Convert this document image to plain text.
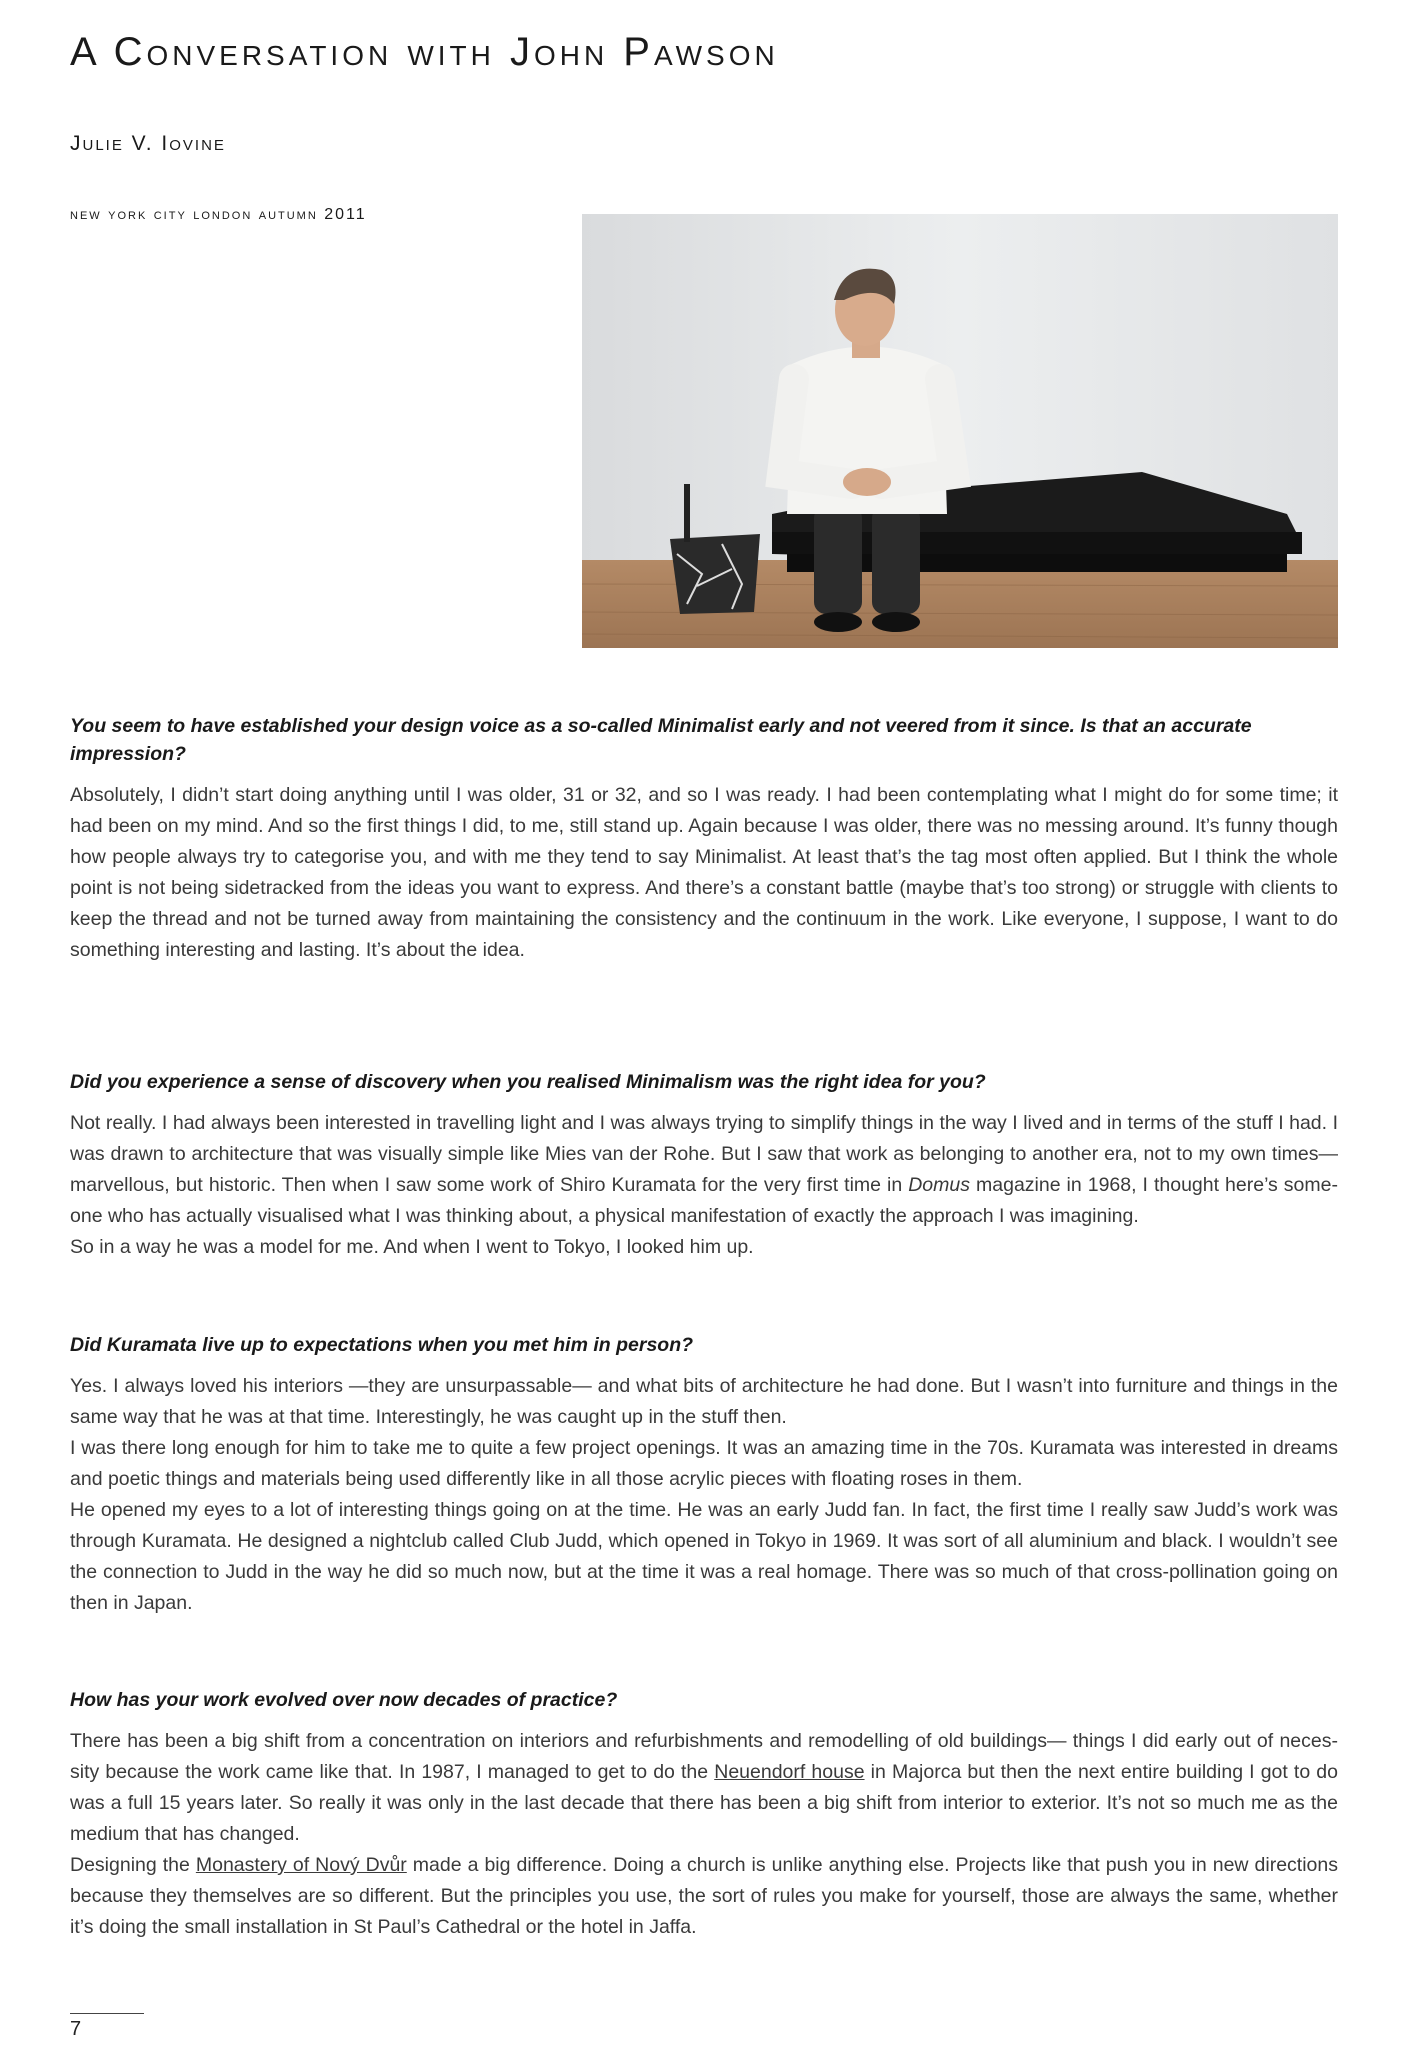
A Conversation with John Pawson
Julie V. Iovine
new york city london autumn 2011

You seem to have established your design voice as a so-called Minimalist early and not veered from it since. Is that an accurate impression?

Absolutely, I didn’t start doing anything until I was older, 31 or 32, and so I was ready. I had been contemplating what I might do for some time; it had been on my mind. And so the first things I did, to me, still stand up. Again because I was older, there was no messing around. It’s funny though how people always try to categorise you, and with me they tend to say Minimalist. At least that’s the tag most often applied. But I think the whole point is not being sidetracked from the ideas you want to express. And there’s a constant battle (maybe that’s too strong) or struggle with clients to keep the thread and not be turned away from maintaining the consistency and the continuum in the work. Like everyone, I suppose, I want to do something interesting and lasting. It’s about the idea.

Did you experience a sense of discovery when you realised Minimalism was the right idea for you?

Not really. I had always been interested in travelling light and I was always trying to simplify things in the way I lived and in terms of the stuff I had. I was drawn to architecture that was visually simple like Mies van der Rohe. But I saw that work as belonging to another era, not to my own times—marvellous, but historic. Then when I saw some work of Shiro Kuramata for the very first time in Domus magazine in 1968, I thought here’s some-one who has actually visualised what I was thinking about, a physical manifestation of exactly the approach I was imagining.

So in a way he was a model for me. And when I went to Tokyo, I looked him up.

Did Kuramata live up to expectations when you met him in person?

Yes. I always loved his interiors —they are unsurpassable— and what bits of architecture he had done. But I wasn’t into furniture and things in the same way that he was at that time. Interestingly, he was caught up in the stuff then.

I was there long enough for him to take me to quite a few project openings. It was an amazing time in the 70s. Kuramata was interested in dreams and poetic things and materials being used differently like in all those acrylic pieces with floating roses in them.

He opened my eyes to a lot of interesting things going on at the time. He was an early Judd fan. In fact, the first time I really saw Judd’s work was through Kuramata. He designed a nightclub called Club Judd, which opened in Tokyo in 1969. It was sort of all aluminium and black. I wouldn’t see the connection to Judd in the way he did so much now, but at the time it was a real homage. There was so much of that cross-pollination going on then in Japan.

How has your work evolved over now decades of practice?

There has been a big shift from a concentration on interiors and refurbishments and remodelling of old buildings— things I did early out of neces-sity because the work came like that. In 1987, I managed to get to do the Neuendorf house in Majorca but then the next entire building I got to do was a full 15 years later. So really it was only in the last decade that there has been a big shift from interior to exterior. It’s not so much me as the medium that has changed.

Designing the Monastery of Nový Dvůr made a big difference. Doing a church is unlike anything else. Projects like that push you in new directions because they themselves are so different. But the principles you use, the sort of rules you make for yourself, those are always the same, whether it’s doing the small installation in St Paul’s Cathedral or the hotel in Jaffa.

7
